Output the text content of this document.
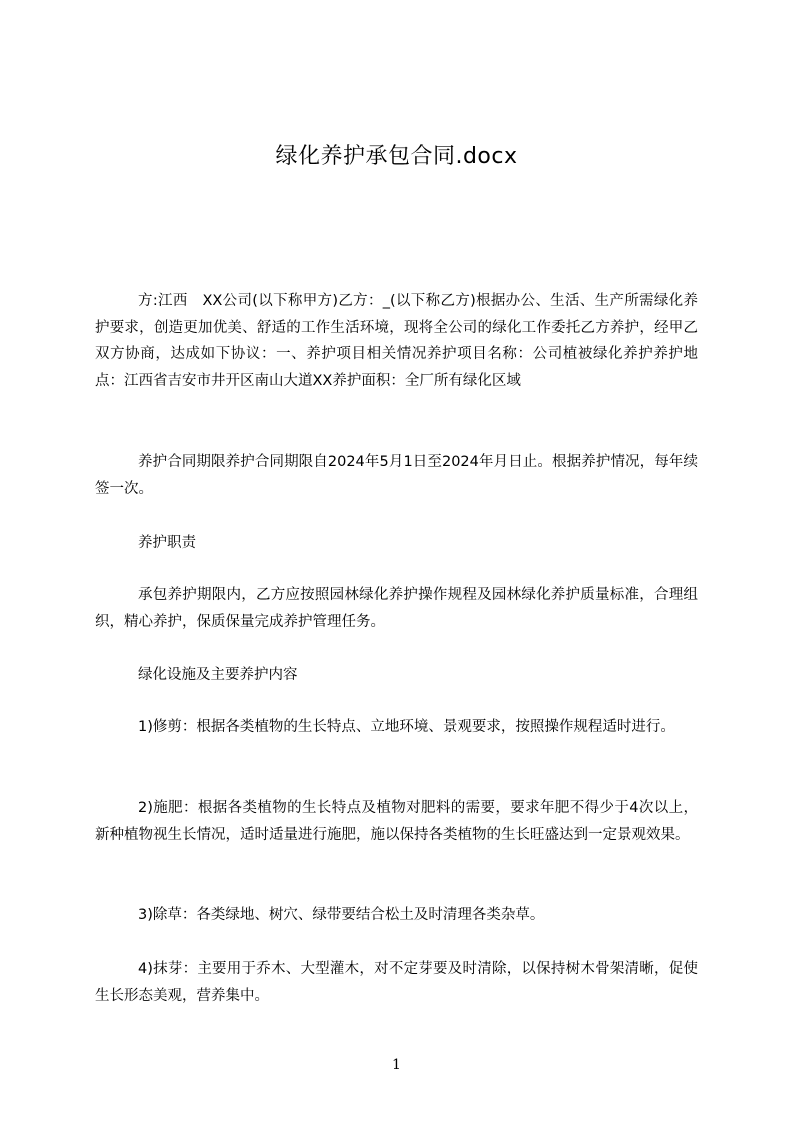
绿化养护承包合同.docx
方:江西　XX公司(以下称甲方)乙方：_(以下称乙方)根据办公、生活、生产所需绿化养护要求，创造更加优美、舒适的工作生活环境，现将全公司的绿化工作委托乙方养护，经甲乙双方协商，达成如下协议：一、养护项目相关情况养护项目名称：公司植被绿化养护养护地点：江西省吉安市井开区南山大道XX养护面积：全厂所有绿化区域
养护合同期限养护合同期限自2024年5月1日至2024年月日止。根据养护情况，每年续签一次。
养护职责
承包养护期限内，乙方应按照园林绿化养护操作规程及园林绿化养护质量标准，合理组织，精心养护，保质保量完成养护管理任务。
绿化设施及主要养护内容
1)修剪：根据各类植物的生长特点、立地环境、景观要求，按照操作规程适时进行。
2)施肥：根据各类植物的生长特点及植物对肥料的需要，要求年肥不得少于4次以上，新种植物视生长情况，适时适量进行施肥，施以保持各类植物的生长旺盛达到一定景观效果。
3)除草：各类绿地、树穴、绿带要结合松土及时清理各类杂草。
4)抹芽：主要用于乔木、大型灌木，对不定芽要及时清除，以保持树木骨架清晰，促使生长形态美观，营养集中。
1
